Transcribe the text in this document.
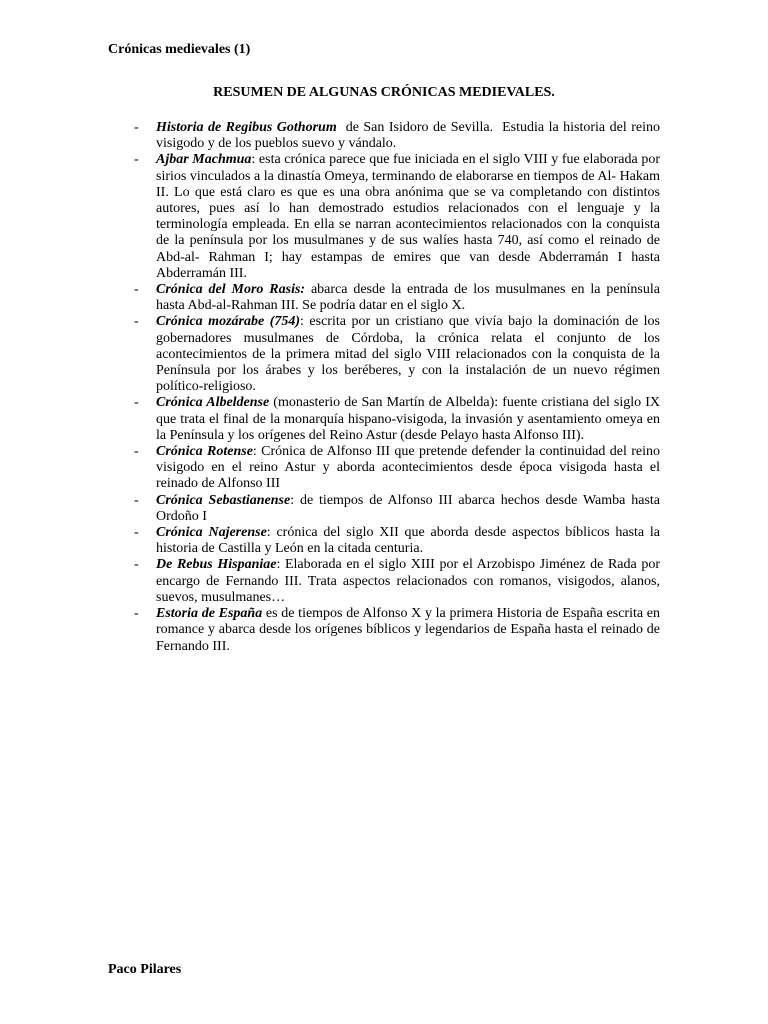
Crónicas medievales (1)
RESUMEN DE ALGUNAS CRÓNICAS MEDIEVALES.
- Historia de Regibus Gothorum  de San Isidoro de Sevilla.  Estudia la historia del reino visigodo y de los pueblos suevo y vándalo.
- Ajbar Machmua: esta crónica parece que fue iniciada en el siglo VIII y fue elaborada por sirios vinculados a la dinastía Omeya, terminando de elaborarse en tiempos de Al- Hakam II. Lo que está claro es que es una obra anónima que se va completando con distintos autores, pues así lo han demostrado estudios relacionados con el lenguaje y la terminología empleada. En ella se narran acontecimientos relacionados con la conquista de la península por los musulmanes y de sus walíes hasta 740, así como el reinado de Abd-al- Rahman I; hay estampas de emires que van desde Abderramán I hasta Abderramán III.
- Crónica del Moro Rasis: abarca desde la entrada de los musulmanes en la península hasta Abd-al-Rahman III. Se podría datar en el siglo X.
- Crónica mozárabe (754): escrita por un cristiano que vivía bajo la dominación de los gobernadores musulmanes de Córdoba, la crónica relata el conjunto de los acontecimientos de la primera mitad del siglo VIII relacionados con la conquista de la Península por los árabes y los beréberes, y con la instalación de un nuevo régimen político-religioso.
- Crónica Albeldense (monasterio de San Martín de Albelda): fuente cristiana del siglo IX que trata el final de la monarquía hispano-visigoda, la invasión y asentamiento omeya en la Península y los orígenes del Reino Astur (desde Pelayo hasta Alfonso III).
- Crónica Rotense: Crónica de Alfonso III que pretende defender la continuidad del reino visigodo en el reino Astur y aborda acontecimientos desde época visigoda hasta el reinado de Alfonso III
- Crónica Sebastianense: de tiempos de Alfonso III abarca hechos desde Wamba hasta Ordoño I
- Crónica Najerense: crónica del siglo XII que aborda desde aspectos bíblicos hasta la historia de Castilla y León en la citada centuria.
- De Rebus Hispaniae: Elaborada en el siglo XIII por el Arzobispo Jiménez de Rada por encargo de Fernando III. Trata aspectos relacionados con romanos, visigodos, alanos, suevos, musulmanes…
- Estoria de España es de tiempos de Alfonso X y la primera Historia de España escrita en romance y abarca desde los orígenes bíblicos y legendarios de España hasta el reinado de Fernando III.
Paco Pilares
